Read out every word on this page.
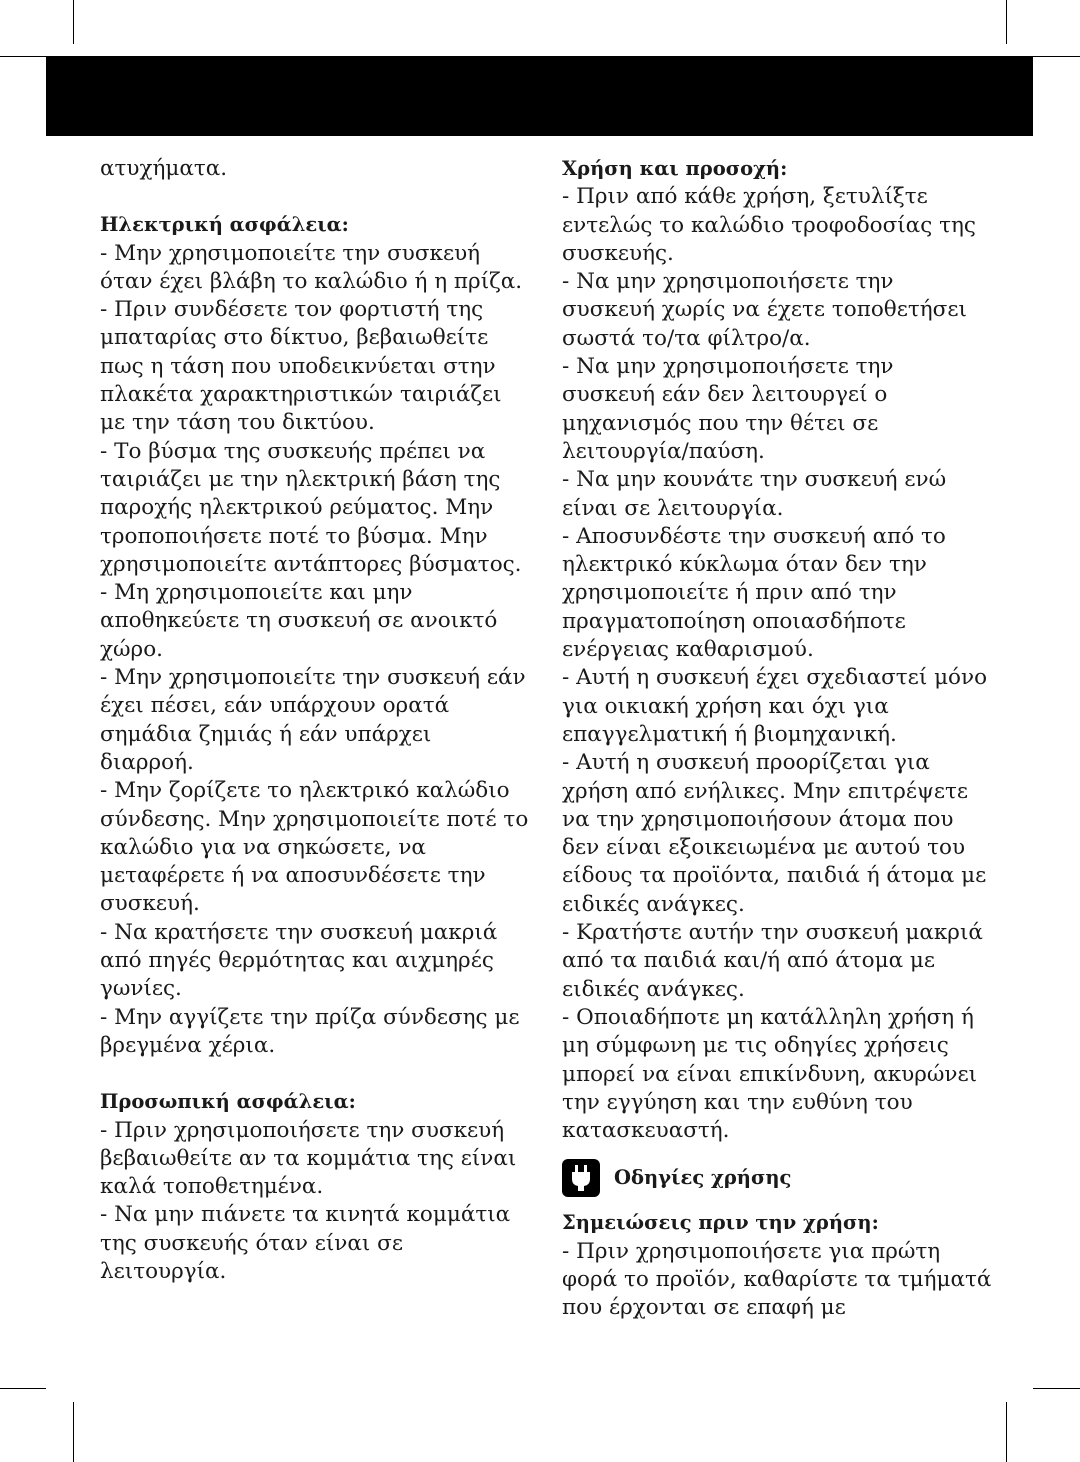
ατυχήματα.

Ηλεκτρική ασφάλεια:

- Μην χρησιμοποιείτε την συσκευή όταν έχει βλάβη το καλώδιο ή η πρίζα.

- Πριν συνδέσετε τον φορτιστή της μπαταρίας στο δίκτυο, βεβαιωθείτε πως η τάση που υποδεικνύεται στην πλακέτα χαρακτηριστικών ταιριάζει με την τάση του δικτύου.

- Το βύσμα της συσκευής πρέπει να ταιριάζει με την ηλεκτρική βάση της παροχής ηλεκτρικού ρεύματος. Μην τροποποιήσετε ποτέ το βύσμα. Μην χρησιμοποιείτε αντάπτορες βύσματος.

- Μη χρησιμοποιείτε και μην αποθηκεύετε τη συσκευή σε ανοικτό χώρο.

- Μην χρησιμοποιείτε την συσκευή εάν έχει πέσει, εάν υπάρχουν ορατά σημάδια ζημιάς ή εάν υπάρχει διαρροή.

- Μην ζορίζετε το ηλεκτρικό καλώδιο σύνδεσης. Μην χρησιμοποιείτε ποτέ το καλώδιο για να σηκώσετε, να μεταφέρετε ή να αποσυνδέσετε την συσκευή.

- Να κρατήσετε την συσκευή μακριά από πηγές θερμότητας και αιχμηρές γωνίες.

- Μην αγγίζετε την πρίζα σύνδεσης με βρεγμένα χέρια.

Προσωπική ασφάλεια:

- Πριν χρησιμοποιήσετε την συσκευή βεβαιωθείτε αν τα κομμάτια της είναι καλά τοποθετημένα.

- Να μην πιάνετε τα κινητά κομμάτια της συσκευής όταν είναι σε λειτουργία.

Χρήση και προσοχή:

- Πριν από κάθε χρήση, ξετυλίξτε εντελώς το καλώδιο τροφοδοσίας της συσκευής.

- Να μην χρησιμοποιήσετε την συσκευή χωρίς να έχετε τοποθετήσει σωστά το/τα φίλτρο/α.

- Να μην χρησιμοποιήσετε την συσκευή εάν δεν λειτουργεί ο μηχανισμός που την θέτει σε λειτουργία/παύση.

- Να μην κουνάτε την συσκευή ενώ είναι σε λειτουργία.

- Αποσυνδέστε την συσκευή από το ηλεκτρικό κύκλωμα όταν δεν την χρησιμοποιείτε ή πριν από την πραγματοποίηση οποιασδήποτε ενέργειας καθαρισμού.

- Αυτή η συσκευή έχει σχεδιαστεί μόνο για οικιακή χρήση και όχι για επαγγελματική ή βιομηχανική.

- Αυτή η συσκευή προορίζεται για χρήση από ενήλικες. Μην επιτρέψετε να την χρησιμοποιήσουν άτομα που δεν είναι εξοικειωμένα με αυτού του είδους τα προϊόντα, παιδιά ή άτομα με ειδικές ανάγκες.

- Κρατήστε αυτήν την συσκευή μακριά από τα παιδιά και/ή από άτομα με ειδικές ανάγκες.

- Οποιαδήποτε μη κατάλληλη χρήση ή μη σύμφωνη με τις οδηγίες χρήσεις μπορεί να είναι επικίνδυνη, ακυρώνει την εγγύηση και την ευθύνη του κατασκευαστή.

Οδηγίες χρήσης
Σημειώσεις πριν την χρήση:

- Πριν χρησιμοποιήσετε για πρώτη φορά το προϊόν, καθαρίστε τα τμήματά που έρχονται σε επαφή με
